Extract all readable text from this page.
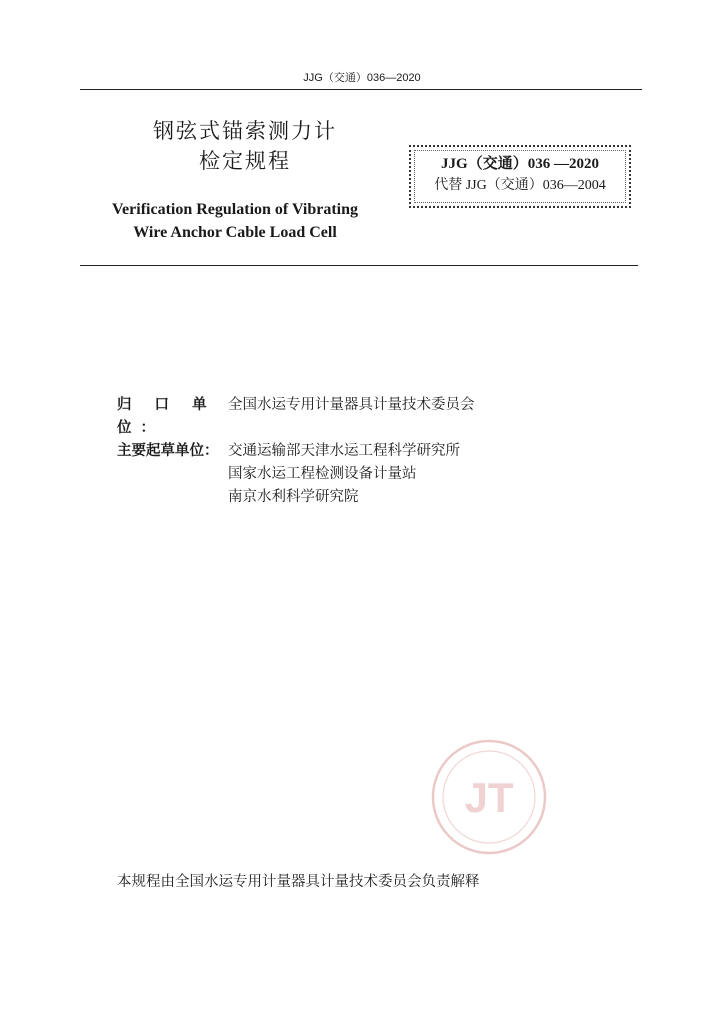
JJG（交通）036—2020
钢弦式锚索测力计
检定规程
Verification Regulation of Vibrating
Wire Anchor Cable Load Cell
JJG（交通）036 —2020
代替 JJG（交通）036—2004
归 口 单 位：
全国水运专用计量器具计量技术委员会
主要起草单位： 交通运输部天津水运工程科学研究所
国家水运工程检测设备计量站
南京水利科学研究院
JT
本规程由全国水运专用计量器具计量技术委员会负责解释
